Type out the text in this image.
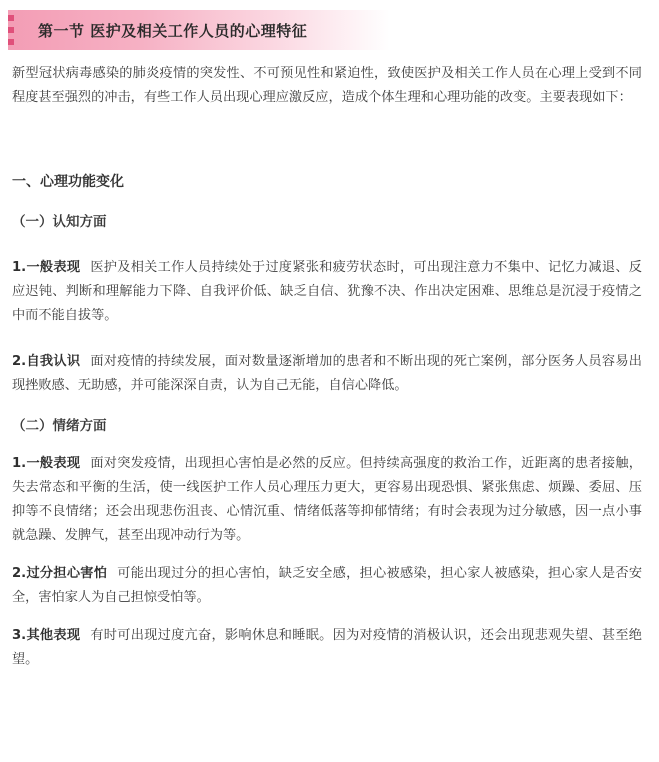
第一节 医护及相关工作人员的心理特征

新型冠状病毒感染的肺炎疫情的突发性、不可预见性和紧迫性，致使医护及相关工作人员在心理上受到不同程度甚至强烈的冲击，有些工作人员出现心理应激反应，造成个体生理和心理功能的改变。主要表现如下：

一、心理功能变化

（一）认知方面

1.一般表现 医护及相关工作人员持续处于过度紧张和疲劳状态时，可出现注意力不集中、记忆力减退、反应迟钝、判断和理解能力下降、自我评价低、缺乏自信、犹豫不决、作出决定困难、思维总是沉浸于疫情之中而不能自拔等。

2.自我认识 面对疫情的持续发展，面对数量逐渐增加的患者和不断出现的死亡案例，部分医务人员容易出现挫败感、无助感，并可能深深自责，认为自己无能，自信心降低。

（二）情绪方面

1.一般表现 面对突发疫情，出现担心害怕是必然的反应。但持续高强度的救治工作，近距离的患者接触，失去常态和平衡的生活，使一线医护工作人员心理压力更大，更容易出现恐惧、紧张焦虑、烦躁、委屈、压抑等不良情绪；还会出现悲伤沮丧、心情沉重、情绪低落等抑郁情绪；有时会表现为过分敏感，因一点小事就急躁、发脾气，甚至出现冲动行为等。

2.过分担心害怕 可能出现过分的担心害怕，缺乏安全感，担心被感染，担心家人被感染，担心家人是否安全，害怕家人为自己担惊受怕等。

3.其他表现 有时可出现过度亢奋，影响休息和睡眠。因为对疫情的消极认识，还会出现悲观失望、甚至绝望。
